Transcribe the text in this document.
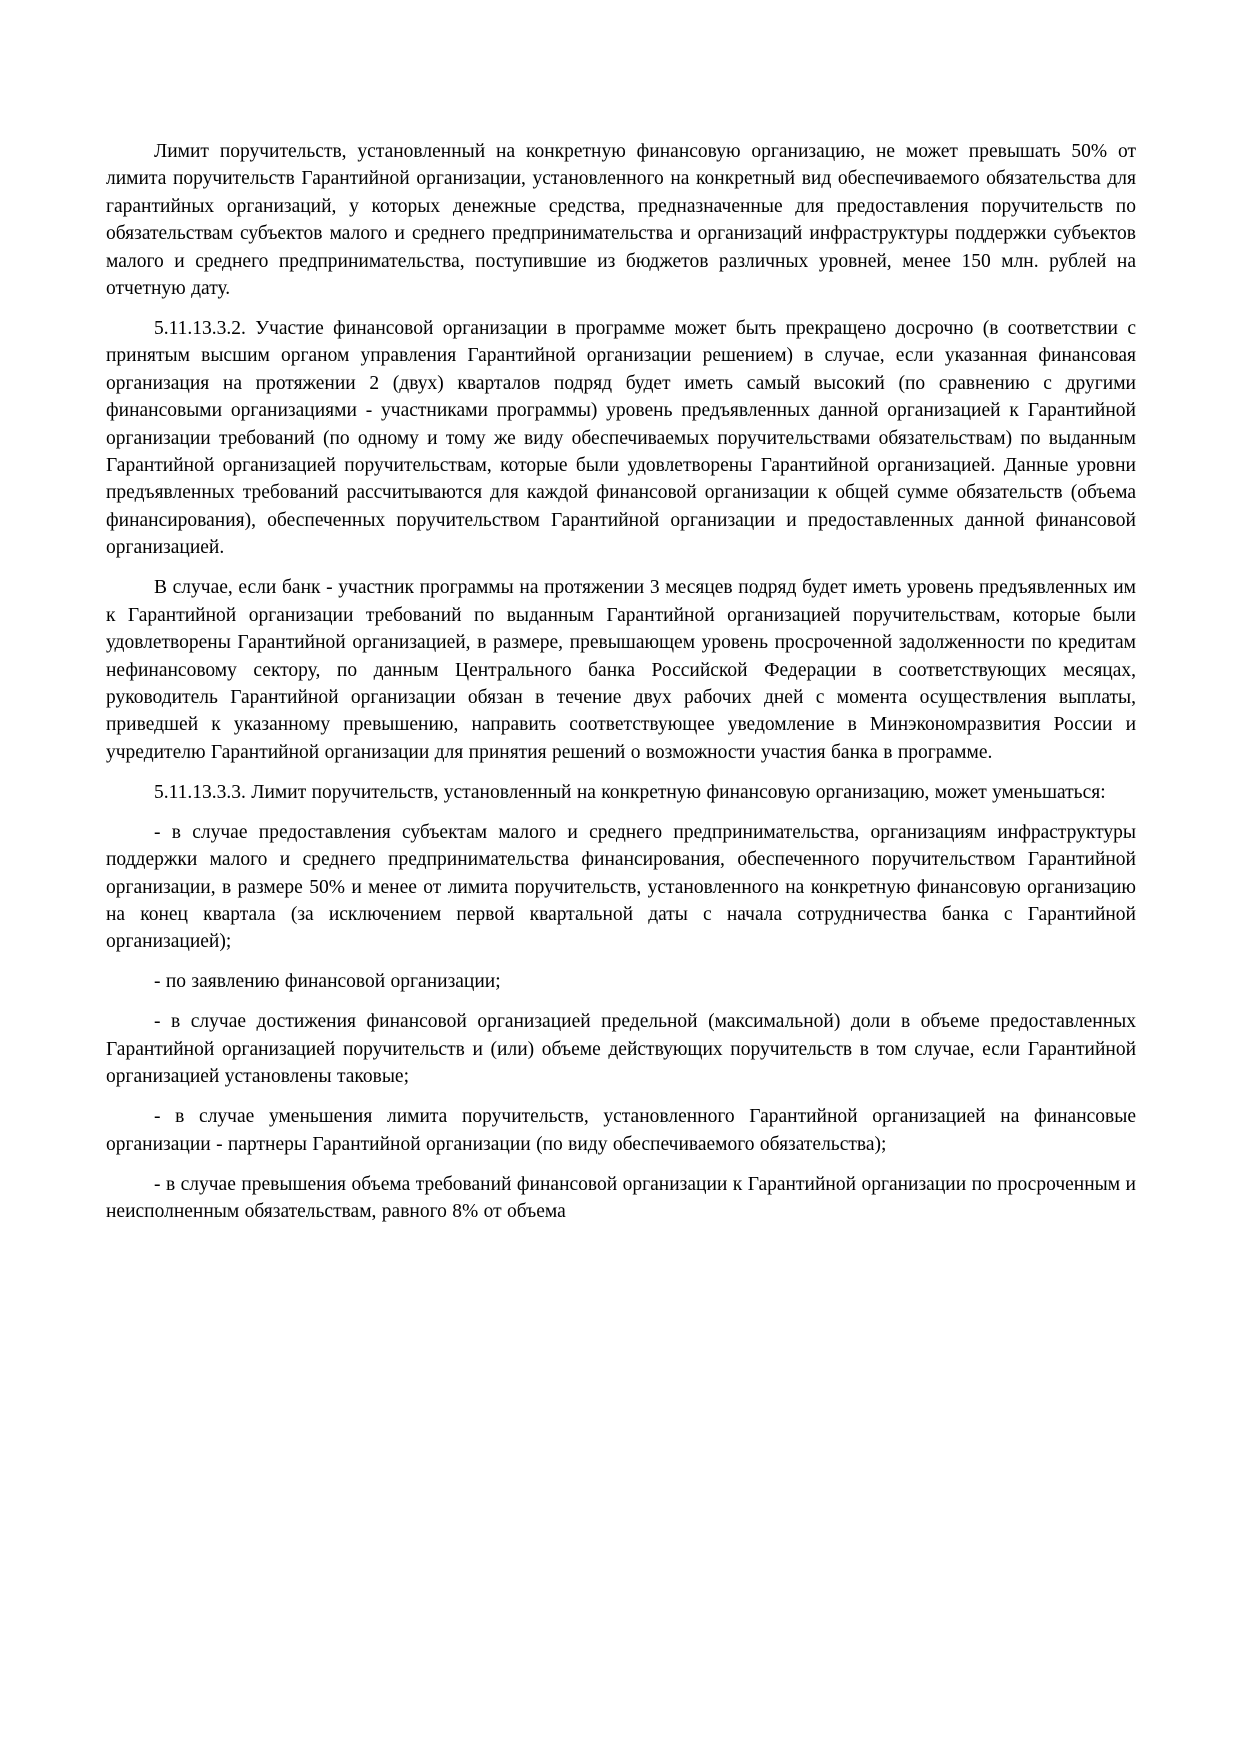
Лимит поручительств, установленный на конкретную финансовую организацию, не может превышать 50% от лимита поручительств Гарантийной организации, установленного на конкретный вид обеспечиваемого обязательства для гарантийных организаций, у которых денежные средства, предназначенные для предоставления поручительств по обязательствам субъектов малого и среднего предпринимательства и организаций инфраструктуры поддержки субъектов малого и среднего предпринимательства, поступившие из бюджетов различных уровней, менее 150 млн. рублей на отчетную дату.

5.11.13.3.2. Участие финансовой организации в программе может быть прекращено досрочно (в соответствии с принятым высшим органом управления Гарантийной организации решением) в случае, если указанная финансовая организация на протяжении 2 (двух) кварталов подряд будет иметь самый высокий (по сравнению с другими финансовыми организациями - участниками программы) уровень предъявленных данной организацией к Гарантийной организации требований (по одному и тому же виду обеспечиваемых поручительствами обязательствам) по выданным Гарантийной организацией поручительствам, которые были удовлетворены Гарантийной организацией. Данные уровни предъявленных требований рассчитываются для каждой финансовой организации к общей сумме обязательств (объема финансирования), обеспеченных поручительством Гарантийной организации и предоставленных данной финансовой организацией.

В случае, если банк - участник программы на протяжении 3 месяцев подряд будет иметь уровень предъявленных им к Гарантийной организации требований по выданным Гарантийной организацией поручительствам, которые были удовлетворены Гарантийной организацией, в размере, превышающем уровень просроченной задолженности по кредитам нефинансовому сектору, по данным Центрального банка Российской Федерации в соответствующих месяцах, руководитель Гарантийной организации обязан в течение двух рабочих дней с момента осуществления выплаты, приведшей к указанному превышению, направить соответствующее уведомление в Минэкономразвития России и учредителю Гарантийной организации для принятия решений о возможности участия банка в программе.

5.11.13.3.3. Лимит поручительств, установленный на конкретную финансовую организацию, может уменьшаться:

- в случае предоставления субъектам малого и среднего предпринимательства, организациям инфраструктуры поддержки малого и среднего предпринимательства финансирования, обеспеченного поручительством Гарантийной организации, в размере 50% и менее от лимита поручительств, установленного на конкретную финансовую организацию на конец квартала (за исключением первой квартальной даты с начала сотрудничества банка с Гарантийной организацией);

- по заявлению финансовой организации;

- в случае достижения финансовой организацией предельной (максимальной) доли в объеме предоставленных Гарантийной организацией поручительств и (или) объеме действующих поручительств в том случае, если Гарантийной организацией установлены таковые;

- в случае уменьшения лимита поручительств, установленного Гарантийной организацией на финансовые организации - партнеры Гарантийной организации (по виду обеспечиваемого обязательства);

- в случае превышения объема требований финансовой организации к Гарантийной организации по просроченным и неисполненным обязательствам, равного 8% от объема
